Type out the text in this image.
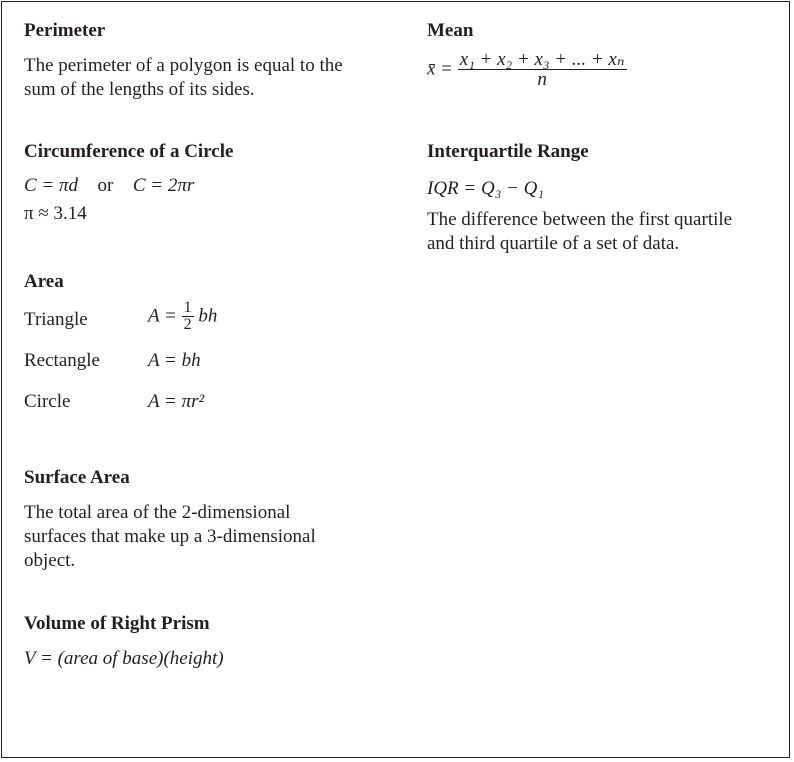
Perimeter
The perimeter of a polygon is equal to the
sum of the lengths of its sides.
Mean
x̄ = $\frac{\text{x₁ + x₂ + x₃ + ... + xₙ}}{n}$
Circumference of a Circle
C = πd or C = 2πr
π ≈ 3.14
Interquartile Range
IQR = Q₃ − Q₁
The difference between the first quartile
and third quartile of a set of data.
Area
Triangle	$A = \frac{1}{2}$ bh
Rectangle	A = bh
Circle	A = πr²
Surface Area
The total area of the 2-dimensional
surfaces that make up a 3-dimensional
object.
Volume of Right Prism
V = (area of base)(height)
